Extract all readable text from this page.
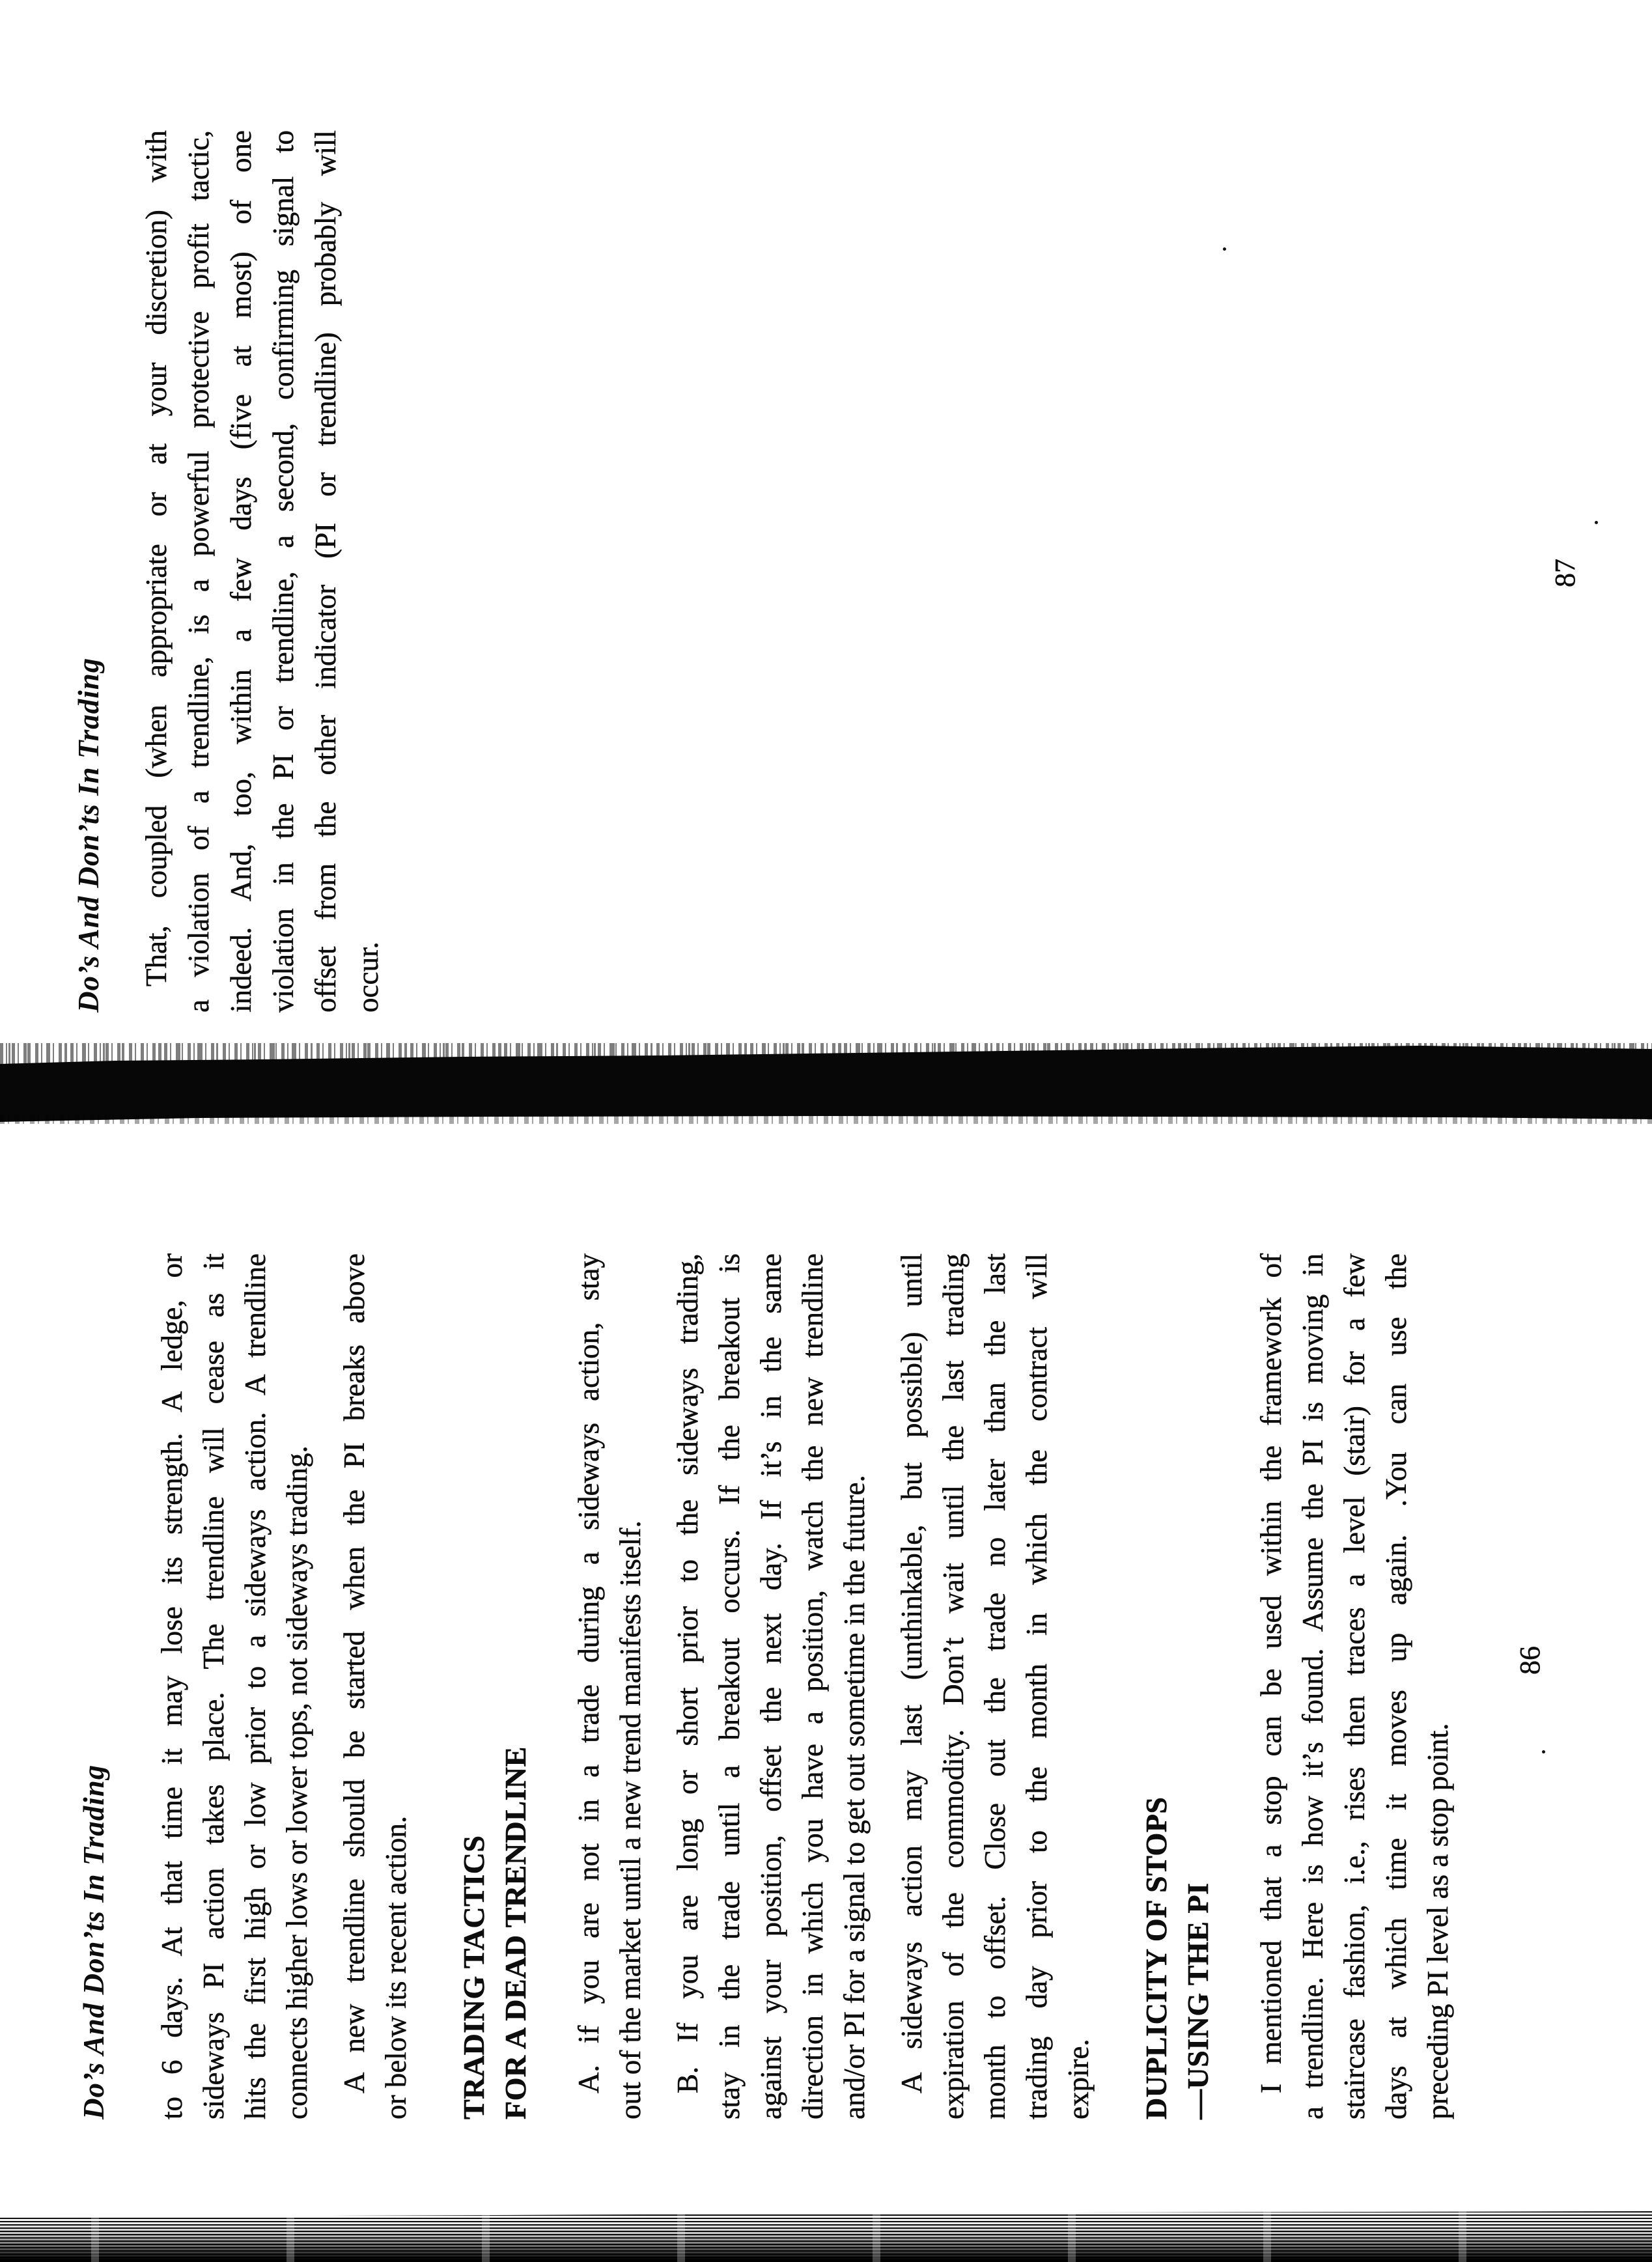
Do’s And Don’ts In Trading That, coupled (when appropriate or at your discretion) with a violation of a trendline, is a powerful protective profit tactic, indeed. And, too, within a few days (five at most) of one violation in the PI or trendline, a second, confirming signal to offset from the other indicator (PI or trendline) probably will occur.
87
Do’s And Don’ts In Trading to 6 days. At that time it may lose its strength. A ledge, or sideways PI action takes place. The trendline will cease as it hits the first high or low prior to a sideways action. A trendline connects higher lows or lower tops, not sideways trading. A new trendline should be started when the PI breaks above or below its recent action. TRADING TACTICS FOR A DEAD TRENDLINE A. if you are not in a trade during a sideways action, stay out of the market until a new trend manifests itself. B. If you are long or short prior to the sideways trading, stay in the trade until a breakout occurs. If the breakout is against your position, offset the next day. If it’s in the same direction in which you have a position, watch the new trendline and/or PI for a signal to get out sometime in the future. A sideways action may last (unthinkable, but possible) until expiration of the commodity. Don’t wait until the last trading month to offset. Close out the trade no later than the last trading day prior to the month in which the contract will expire. DUPLICITY OF STOPS —USING THE PI I mentioned that a stop can be used within the framework of a trendline. Here is how it’s found. Assume the PI is moving in staircase fashion, i.e., rises then traces a level (stair) for a few days at which time it moves up again. .You can use the preceding PI level as a stop point.
86
